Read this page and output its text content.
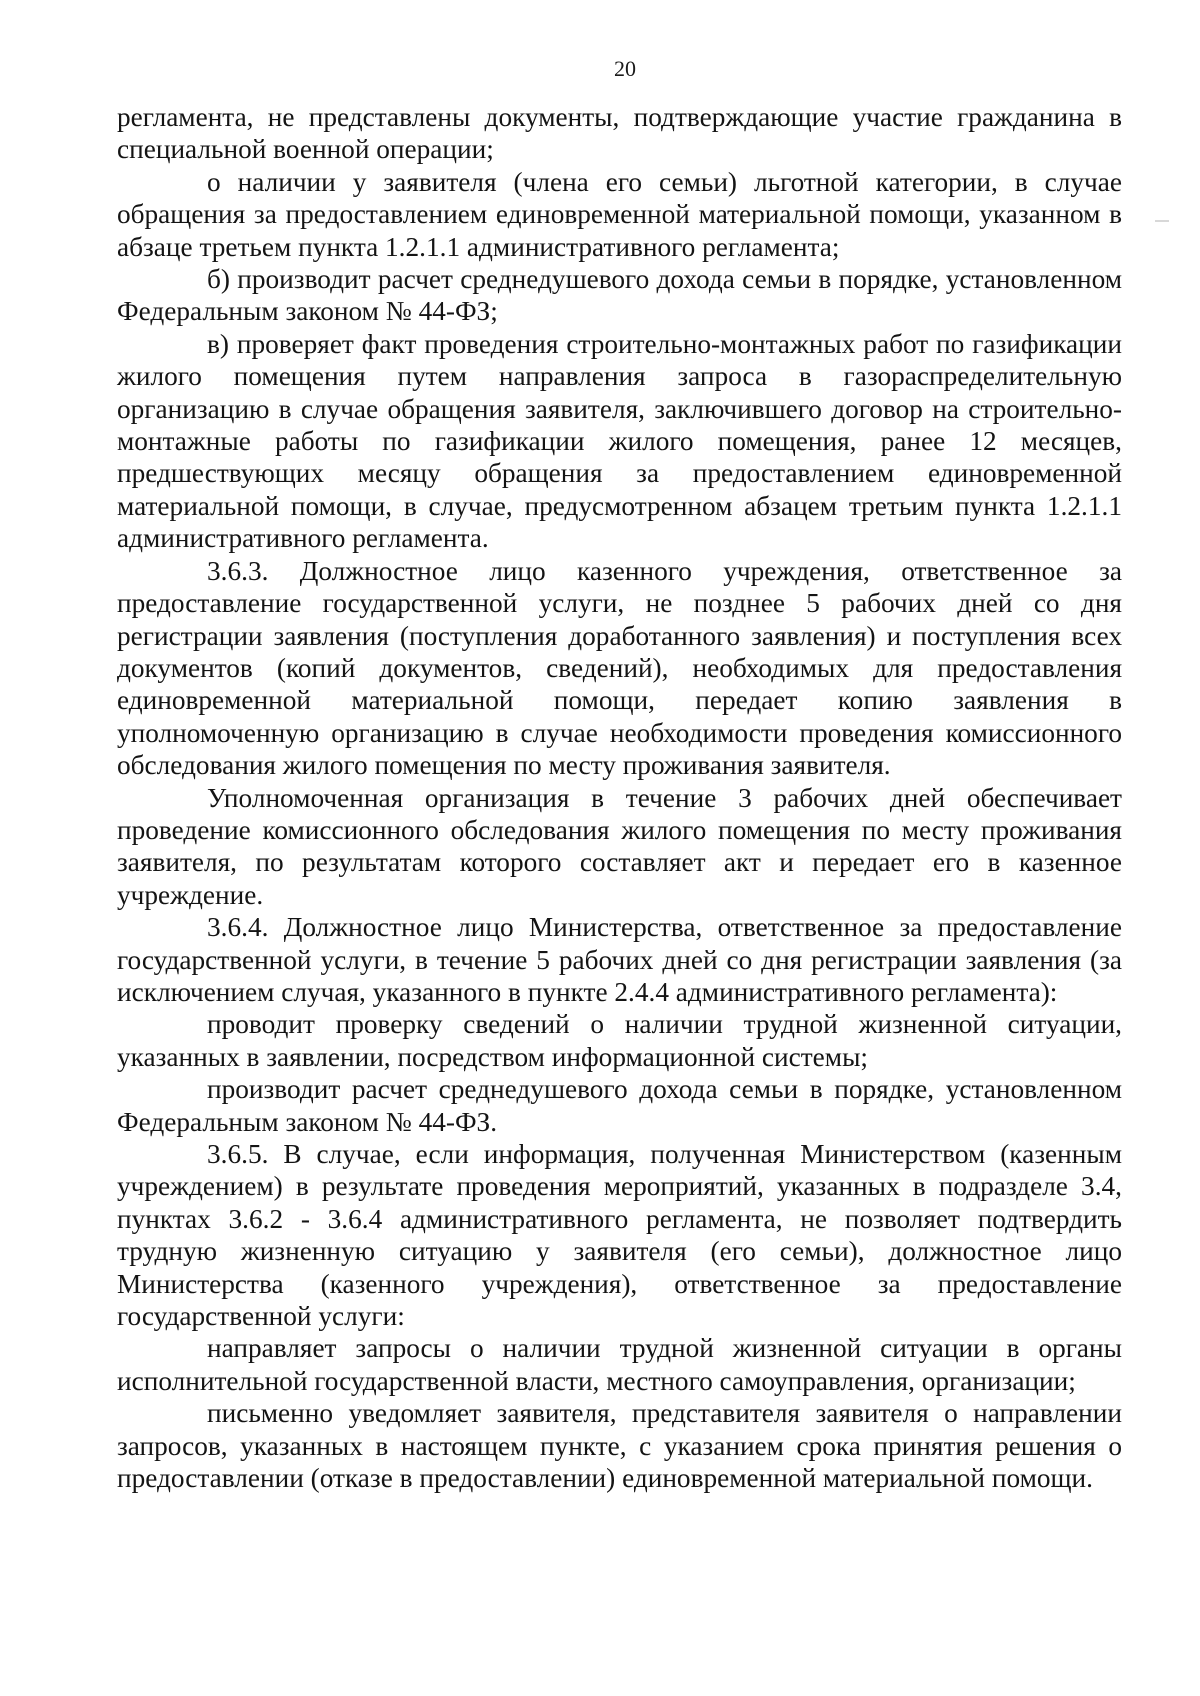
20

регламента, не представлены документы, подтверждающие участие гражданина в специальной военной операции;

о наличии у заявителя (члена его семьи) льготной категории, в случае обращения за предоставлением единовременной материальной помощи, указанном в абзаце третьем пункта 1.2.1.1 административного регламента;

б) производит расчет среднедушевого дохода семьи в порядке, установленном Федеральным законом № 44-ФЗ;

в) проверяет факт проведения строительно-монтажных работ по газификации жилого помещения путем направления запроса в газораспределительную организацию в случае обращения заявителя, заключившего договор на строительно-монтажные работы по газификации жилого помещения, ранее 12 месяцев, предшествующих месяцу обращения за предоставлением единовременной материальной помощи, в случае, предусмотренном абзацем третьим пункта 1.2.1.1 административного регламента.

3.6.3. Должностное лицо казенного учреждения, ответственное за предоставление государственной услуги, не позднее 5 рабочих дней со дня регистрации заявления (поступления доработанного заявления) и поступления всех документов (копий документов, сведений), необходимых для предоставления единовременной материальной помощи, передает копию заявления в уполномоченную организацию в случае необходимости проведения комиссионного обследования жилого помещения по месту проживания заявителя.

Уполномоченная организация в течение 3 рабочих дней обеспечивает проведение комиссионного обследования жилого помещения по месту проживания заявителя, по результатам которого составляет акт и передает его в казенное учреждение.

3.6.4. Должностное лицо Министерства, ответственное за предоставление государственной услуги, в течение 5 рабочих дней со дня регистрации заявления (за исключением случая, указанного в пункте 2.4.4 административного регламента):

проводит проверку сведений о наличии трудной жизненной ситуации, указанных в заявлении, посредством информационной системы;

производит расчет среднедушевого дохода семьи в порядке, установленном Федеральным законом № 44-ФЗ.

3.6.5. В случае, если информация, полученная Министерством (казенным учреждением) в результате проведения мероприятий, указанных в подразделе 3.4, пунктах 3.6.2 - 3.6.4 административного регламента, не позволяет подтвердить трудную жизненную ситуацию у заявителя (его семьи), должностное лицо Министерства (казенного учреждения), ответственное за предоставление государственной услуги:

направляет запросы о наличии трудной жизненной ситуации в органы исполнительной государственной власти, местного самоуправления, организации;

письменно уведомляет заявителя, представителя заявителя о направлении запросов, указанных в настоящем пункте, с указанием срока принятия решения о предоставлении (отказе в предоставлении) единовременной материальной помощи.
